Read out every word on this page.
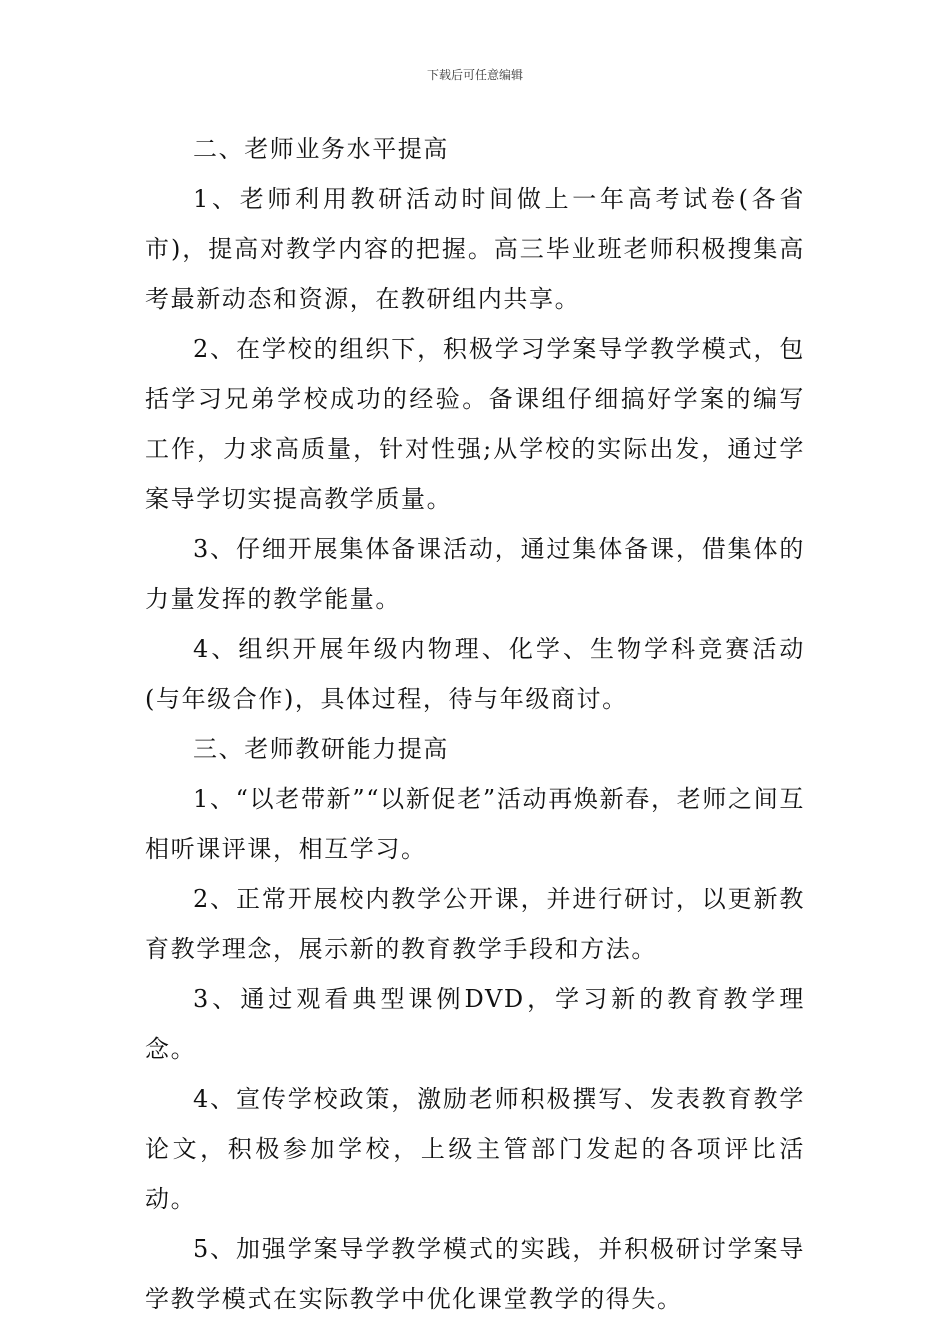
下载后可任意编辑

二、老师业务水平提高

1、老师利用教研活动时间做上一年高考试卷(各省市)，提高对教学内容的把握。高三毕业班老师积极搜集高考最新动态和资源，在教研组内共享。

2、在学校的组织下，积极学习学案导学教学模式，包括学习兄弟学校成功的经验。备课组仔细搞好学案的编写工作，力求高质量，针对性强;从学校的实际出发，通过学案导学切实提高教学质量。

3、仔细开展集体备课活动，通过集体备课，借集体的力量发挥的教学能量。

4、组织开展年级内物理、化学、生物学科竞赛活动(与年级合作)，具体过程，待与年级商讨。

三、老师教研能力提高

1、“以老带新”“以新促老”活动再焕新春，老师之间互相听课评课，相互学习。

2、正常开展校内教学公开课，并进行研讨，以更新教育教学理念，展示新的教育教学手段和方法。

3、通过观看典型课例DVD，学习新的教育教学理念。

4、宣传学校政策，激励老师积极撰写、发表教育教学论文，积极参加学校，上级主管部门发起的各项评比活动。

5、加强学案导学教学模式的实践，并积极研讨学案导学教学模式在实际教学中优化课堂教学的得失。
